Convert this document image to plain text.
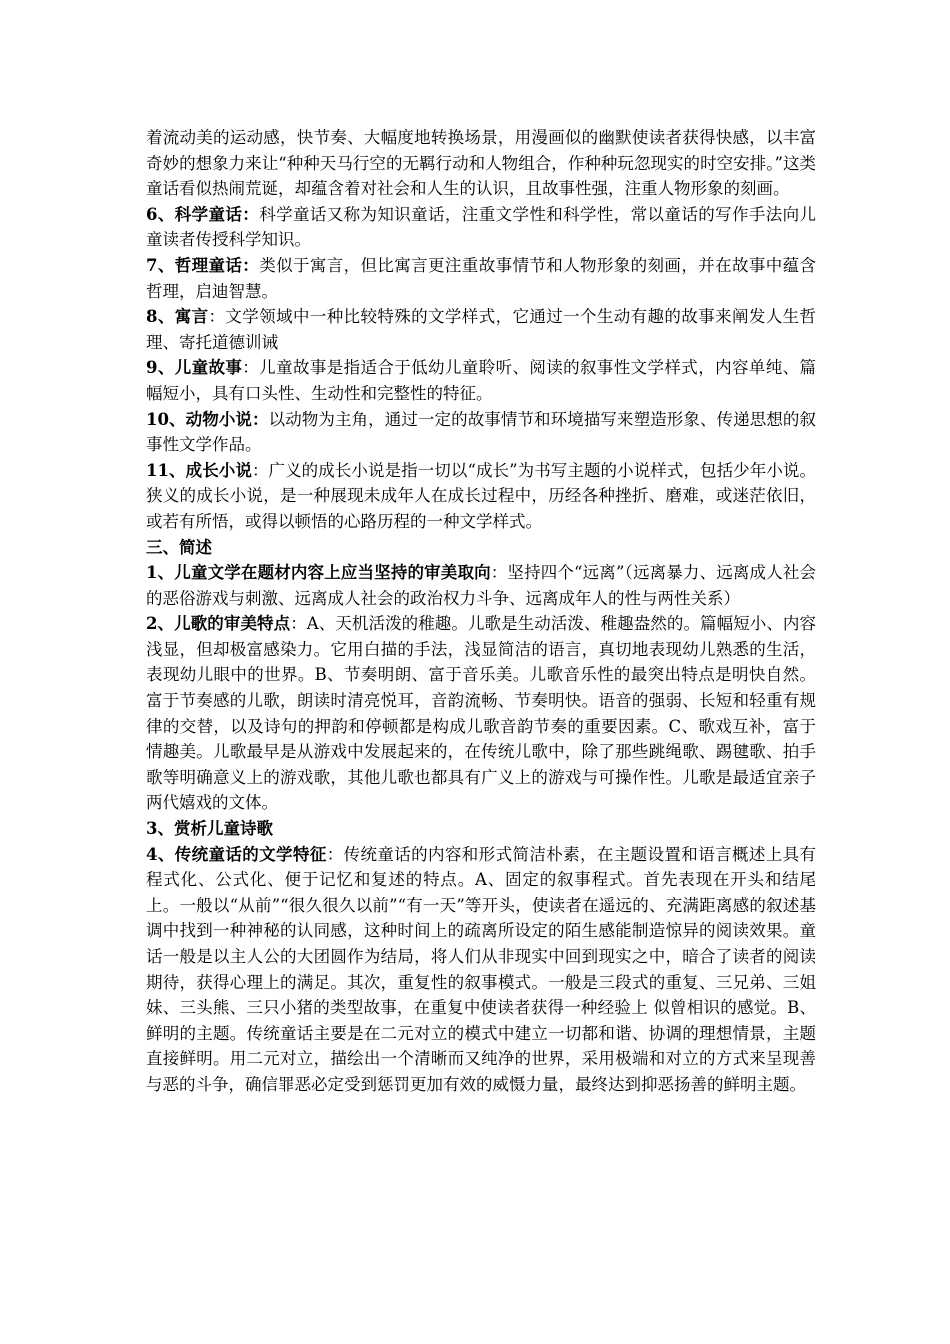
着流动美的运动感，快节奏、大幅度地转换场景，用漫画似的幽默使读者获得快感，以丰富奇妙的想象力来让“种种天马行空的无羁行动和人物组合，作种种玩忽现实的时空安排。”这类童话看似热闹荒诞，却蕴含着对社会和人生的认识，且故事性强，注重人物形象的刻画。

6、科学童话：科学童话又称为知识童话，注重文学性和科学性，常以童话的写作手法向儿童读者传授科学知识。

7、哲理童话：类似于寓言，但比寓言更注重故事情节和人物形象的刻画，并在故事中蕴含哲理，启迪智慧。

8、寓言：文学领域中一种比较特殊的文学样式，它通过一个生动有趣的故事来阐发人生哲理、寄托道德训诫

9、儿童故事：儿童故事是指适合于低幼儿童聆听、阅读的叙事性文学样式，内容单纯、篇幅短小，具有口头性、生动性和完整性的特征。

10、动物小说：以动物为主角，通过一定的故事情节和环境描写来塑造形象、传递思想的叙事性文学作品。

11、成长小说：广义的成长小说是指一切以“成长”为书写主题的小说样式，包括少年小说。狭义的成长小说，是一种展现未成年人在成长过程中，历经各种挫折、磨难，或迷茫依旧，或若有所悟，或得以顿悟的心路历程的一种文学样式。

三、简述

1、儿童文学在题材内容上应当坚持的审美取向：坚持四个“远离”（远离暴力、远离成人社会的恶俗游戏与刺激、远离成人社会的政治权力斗争、远离成年人的性与两性关系）

2、儿歌的审美特点：A、天机活泼的稚趣。儿歌是生动活泼、稚趣盎然的。篇幅短小、内容浅显，但却极富感染力。它用白描的手法，浅显简洁的语言，真切地表现幼儿熟悉的生活，表现幼儿眼中的世界。B、节奏明朗、富于音乐美。儿歌音乐性的最突出特点是明快自然。富于节奏感的儿歌，朗读时清亮悦耳，音韵流畅、节奏明快。语音的强弱、长短和轻重有规律的交替，以及诗句的押韵和停顿都是构成儿歌音韵节奏的重要因素。C、歌戏互补，富于情趣美。儿歌最早是从游戏中发展起来的，在传统儿歌中，除了那些跳绳歌、踢毽歌、拍手歌等明确意义上的游戏歌，其他儿歌也都具有广义上的游戏与可操作性。儿歌是最适宜亲子两代嬉戏的文体。

3、赏析儿童诗歌

4、传统童话的文学特征：传统童话的内容和形式简洁朴素，在主题设置和语言概述上具有程式化、公式化、便于记忆和复述的特点。A、固定的叙事程式。首先表现在开头和结尾上。一般以“从前”“很久很久以前”“有一天”等开头，使读者在遥远的、充满距离感的叙述基调中找到一种神秘的认同感，这种时间上的疏离所设定的陌生感能制造惊异的阅读效果。童话一般是以主人公的大团圆作为结局，将人们从非现实中回到现实之中，暗合了读者的阅读期待，获得心理上的满足。其次，重复性的叙事模式。一般是三段式的重复、三兄弟、三姐妹、三头熊、三只小猪的类型故事，在重复中使读者获得一种经验上 似曾相识的感觉。B、鲜明的主题。传统童话主要是在二元对立的模式中建立一切都和谐、协调的理想情景，主题直接鲜明。用二元对立，描绘出一个清晰而又纯净的世界，采用极端和对立的方式来呈现善与恶的斗争，确信罪恶必定受到惩罚更加有效的威慑力量，最终达到抑恶扬善的鲜明主题。
